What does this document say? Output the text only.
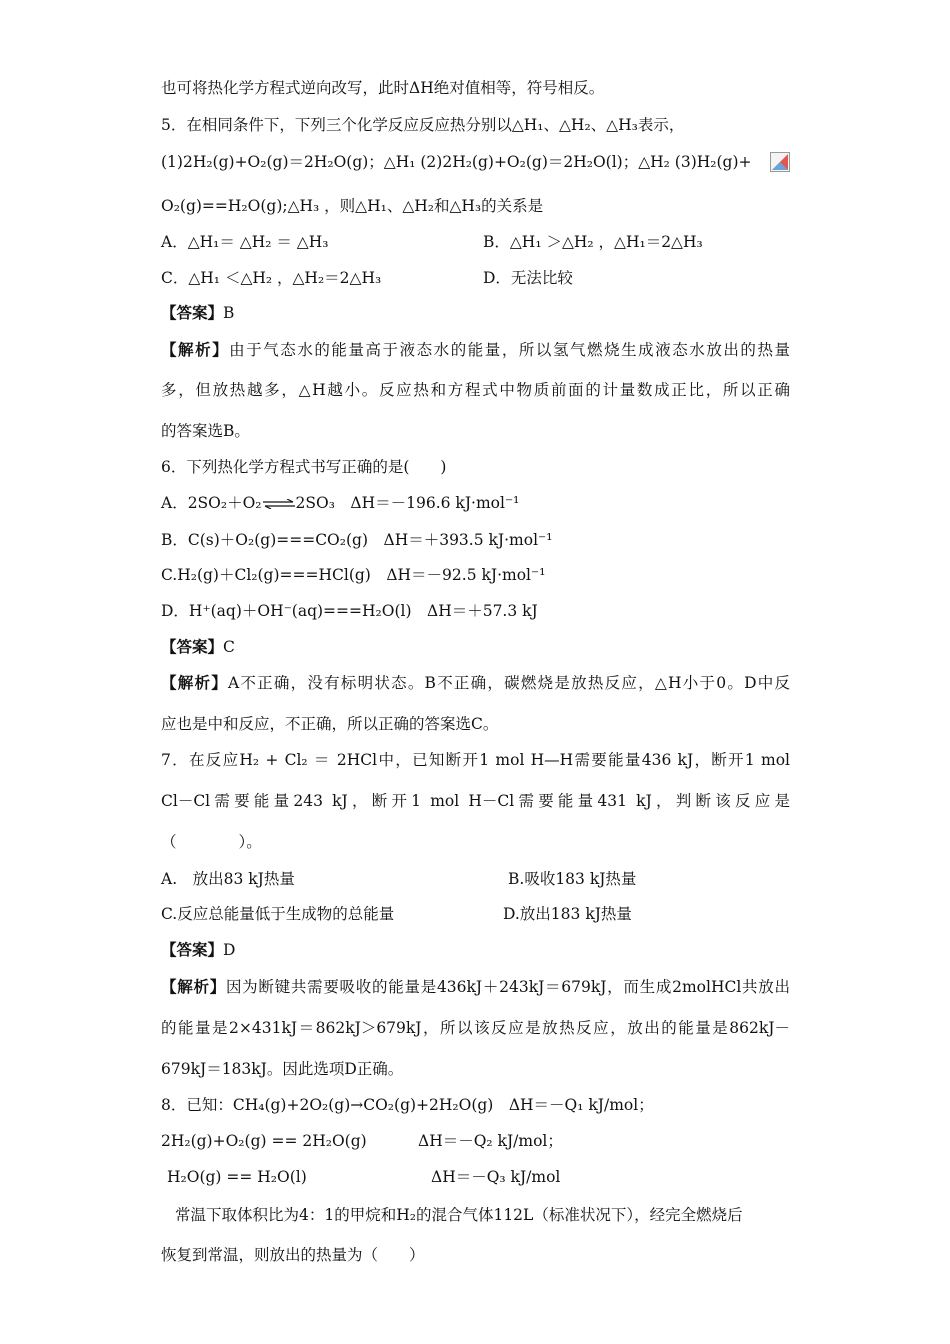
也可将热化学方程式逆向改写，此时ΔH绝对值相等，符号相反。
5．在相同条件下，下列三个化学反应反应热分别以△H₁、△H₂、△H₃表示，
(1)2H₂(g)+O₂(g)＝2H₂O(g)；△H₁ (2)2H₂(g)+O₂(g)＝2H₂O(l)；△H₂ (3)H₂(g)+
O₂(g)==H₂O(g);△H₃ ，则△H₁、△H₂和△H₃的关系是
A．△H₁＝ △H₂ ＝ △H₃	B．△H₁ ＞△H₂ ，△H₁＝2△H₃
C．△H₁ ＜△H₂ ，△H₂＝2△H₃	D．无法比较
【答案】B
【解析】由于气态水的能量高于液态水的能量，所以氢气燃烧生成液态水放出的热量
多，但放热越多，△H越小。反应热和方程式中物质前面的计量数成正比，所以正确
的答案选B。
6．下列热化学方程式书写正确的是(　　)
A．2SO₂＋O₂⇌2SO₃　ΔH＝－196.6 kJ·mol⁻¹
B．C(s)＋O₂(g)===CO₂(g)　ΔH＝＋393.5 kJ·mol⁻¹
C.H₂(g)＋Cl₂(g)===HCl(g)　ΔH＝－92.5 kJ·mol⁻¹
D．H⁺(aq)＋OH⁻(aq)===H₂O(l)　ΔH＝＋57.3 kJ
【答案】C
【解析】A不正确，没有标明状态。B不正确，碳燃烧是放热反应，△H小于0。D中反
应也是中和反应，不正确，所以正确的答案选C。
7．在反应H₂ + Cl₂ ＝ 2HCl中，已知断开1 mol H—H需要能量436 kJ，断开1 mol
Cl－Cl需要能量243 kJ，断开1 mol H－Cl需要能量431 kJ，判断该反应是
（　　　　）。
A.　放出83 kJ热量	B.吸收183 kJ热量
C.反应总能量低于生成物的总能量	D.放出183 kJ热量
【答案】D
【解析】因为断键共需要吸收的能量是436kJ＋243kJ＝679kJ，而生成2molHCl共放出
的能量是2×431kJ＝862kJ＞679kJ，所以该反应是放热反应，放出的能量是862kJ－
679kJ＝183kJ。因此选项D正确。
8．已知：CH₄(g)+2O₂(g)→CO₂(g)+2H₂O(g)　ΔH＝－Q₁ kJ/mol；
2H₂(g)+O₂(g) == 2H₂O(g)	ΔH＝－Q₂ kJ/mol；
H₂O(g) == H₂O(l)	ΔH＝－Q₃ kJ/mol
常温下取体积比为4：1的甲烷和H₂的混合气体112L（标准状况下），经完全燃烧后
恢复到常温，则放出的热量为（　　）
